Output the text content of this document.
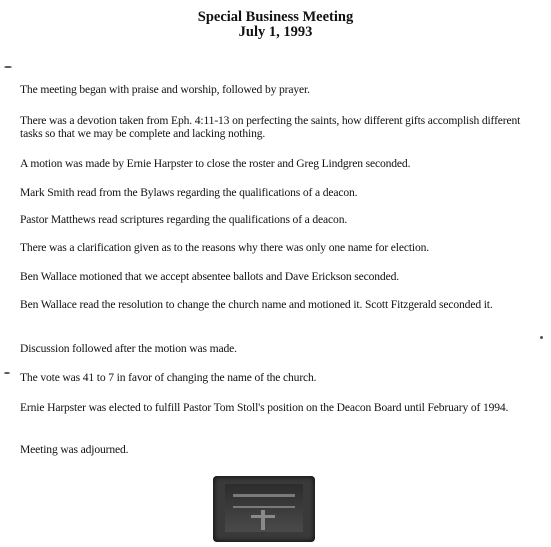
Special Business Meeting
July 1, 1993
The meeting began with praise and worship, followed by prayer.
There was a devotion taken from Eph. 4:11-13 on perfecting the saints, how different gifts accomplish different tasks so that we may be complete and lacking nothing.
A motion was made by Ernie Harpster to close the roster and Greg Lindgren seconded.
Mark Smith read from the Bylaws regarding the qualifications of a deacon.
Pastor Matthews read scriptures regarding the qualifications of a deacon.
There was a clarification given as to the reasons why there was only one name for election.
Ben Wallace motioned that we accept absentee ballots and Dave Erickson seconded.
Ben Wallace read the resolution to change the church name and motioned it. Scott Fitzgerald seconded it.
Discussion followed after the motion was made.
The vote was 41 to 7 in favor of changing the name of the church.
Ernie Harpster was elected to fulfill Pastor Tom Stoll's position on the Deacon Board until February of 1994.
Meeting was adjourned.
